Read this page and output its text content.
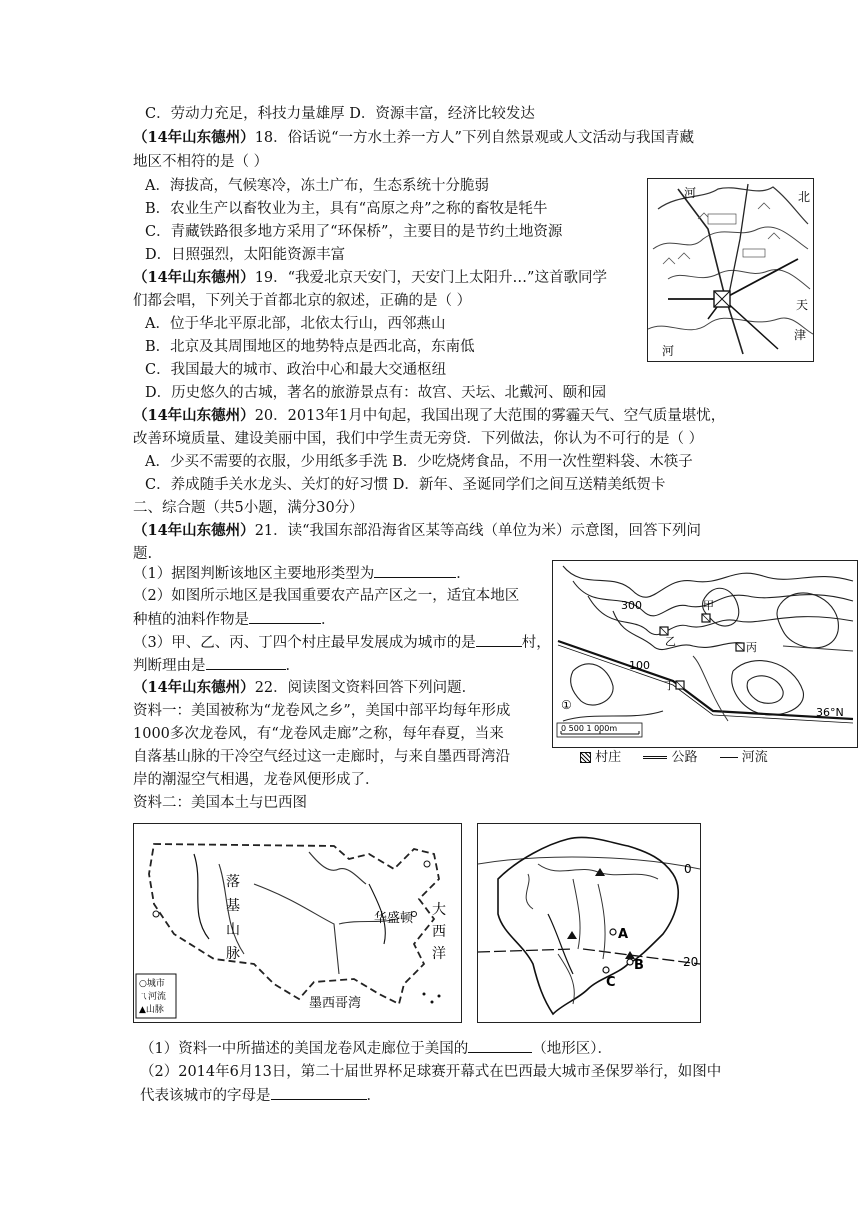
C．劳动力充足，科技力量雄厚 D．资源丰富，经济比较发达
（14年山东德州）18．俗话说“一方水土养一方人”下列自然景观或人文活动与我国青藏
地区不相符的是（ ）
A．海拔高，气候寒冷，冻土广布，生态系统十分脆弱
B．农业生产以畜牧业为主，具有“高原之舟”之称的畜牧是牦牛
C．青藏铁路很多地方采用了“环保桥”，主要目的是节约土地资源
D．日照强烈，太阳能资源丰富
（14年山东德州）19．“我爱北京天安门，天安门上太阳升…”这首歌同学
们都会唱，下列关于首都北京的叙述，正确的是（ ）
A．位于华北平原北部，北依太行山，西邻燕山
B．北京及其周围地区的地势特点是西北高，东南低
C．我国最大的城市、政治中心和最大交通枢纽
D．历史悠久的古城，著名的旅游景点有：故宫、天坛、北戴河、颐和园
河	北
天
津
河
（14年山东德州）20．2013年1月中旬起，我国出现了大范围的雾霾天气、空气质量堪忧，
改善环境质量、建设美丽中国，我们中学生责无旁贷．下列做法，你认为不可行的是（ ）
A．少买不需要的衣服，少用纸多手洗 B．少吃烧烤食品，不用一次性塑料袋、木筷子
C．养成随手关水龙头、关灯的好习惯 D．新年、圣诞同学们之间互送精美纸贺卡
二、综合题（共5小题，满分30分）
（14年山东德州）21．读“我国东部沿海省区某等高线（单位为米）示意图，回答下列问
题.
（1）据图判断该地区主要地形类型为	．
（2）如图所示地区是我国重要农产品产区之一，适宜本地区
种植的油料作物是	．
（3）甲、乙、丙、丁四个村庄最早发展成为城市的是	村，
判断理由是	．
300
100
甲
乙	丙
丁
①
36°N
0 500 1 000m
村庄	公路	河流
（14年山东德州）22．阅读图文资料回答下列问题．
资料一：美国被称为“龙卷风之乡”，美国中部平均每年形成
1000多次龙卷风，有“龙卷风走廊”之称，每年春夏，当来
自落基山脉的干冷空气经过这一走廊时，与来自墨西哥湾沿
岸的潮湿空气相遇，龙卷风便形成了．
资料二：美国本土与巴西图
落
基
山
脉
华盛顿
大
西
洋
墨西哥湾
○城市
ㄟ河流
▲山脉
0
20
A
B
C
（1）资料一中所描述的美国龙卷风走廊位于美国的	（地形区）．
（2）2014年6月13日，第二十届世界杯足球赛开幕式在巴西最大城市圣保罗举行，如图中
代表该城市的字母是	．
